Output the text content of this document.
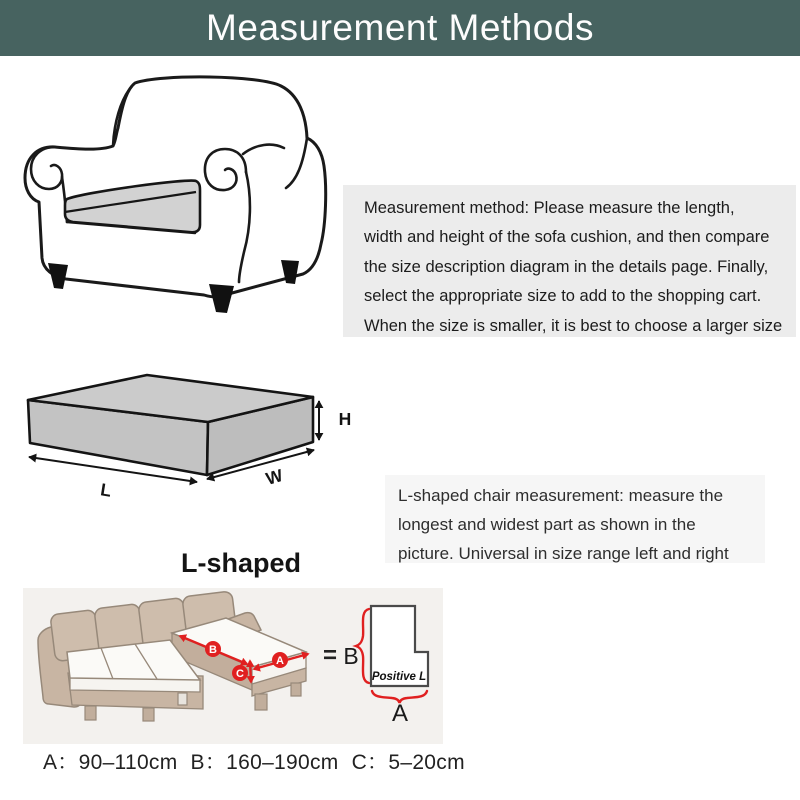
Measurement Methods
Measurement method: Please measure the length,
width and height of the sofa cushion, and then compare
the size description diagram in the details page. Finally,
select the appropriate size to add to the shopping cart.
When the size is smaller, it is best to choose a larger size
H
W
L	L-shaped chair measurement: measure the
longest and widest part as shown in the
picture. Universal in size range left and right
L-shaped
B
A
C
= B
Positive L
A
A：90–110cm B：160–190cm C：5–20cm
